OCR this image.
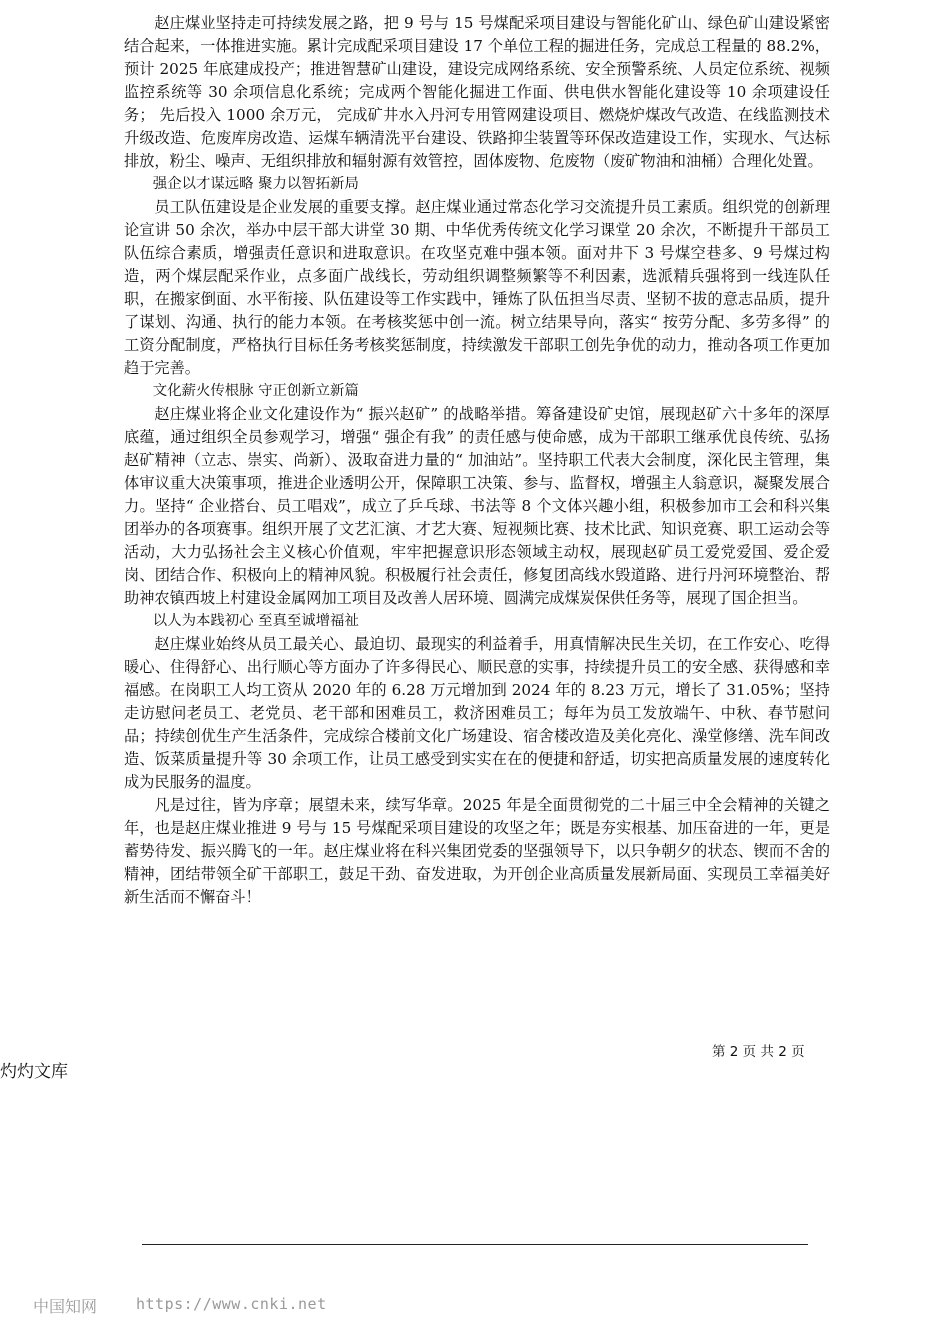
赵庄煤业坚持走可持续发展之路，把 9 号与 15 号煤配采项目建设与智能化矿山、绿色矿山建设紧密结合起来，一体推进实施。累计完成配采项目建设 17 个单位工程的掘进任务，完成总工程量的 88.2%，预计 2025 年底建成投产；推进智慧矿山建设，建设完成网络系统、安全预警系统、人员定位系统、视频监控系统等 30 余项信息化系统；完成两个智能化掘进工作面、供电供水智能化建设等 10 余项建设任务； 先后投入 1000 余万元， 完成矿井水入丹河专用管网建设项目、燃烧炉煤改气改造、在线监测技术升级改造、危废库房改造、运煤车辆清洗平台建设、铁路抑尘装置等环保改造建设工作，实现水、气达标排放，粉尘、噪声、无组织排放和辐射源有效管控，固体废物、危废物（废矿物油和油桶）合理化处置。

强企以才谋远略 聚力以智拓新局

员工队伍建设是企业发展的重要支撑。赵庄煤业通过常态化学习交流提升员工素质。组织党的创新理论宣讲 50 余次，举办中层干部大讲堂 30 期、中华优秀传统文化学习课堂 20 余次，不断提升干部员工队伍综合素质，增强责任意识和进取意识。在攻坚克难中强本领。面对井下 3 号煤空巷多、9 号煤过构造，两个煤层配采作业，点多面广战线长，劳动组织调整频繁等不利因素，选派精兵强将到一线连队任职，在搬家倒面、水平衔接、队伍建设等工作实践中，锤炼了队伍担当尽责、坚韧不拔的意志品质，提升了谋划、沟通、执行的能力本领。在考核奖惩中创一流。树立结果导向，落实“ 按劳分配、多劳多得” 的工资分配制度，严格执行目标任务考核奖惩制度，持续激发干部职工创先争优的动力，推动各项工作更加趋于完善。

文化薪火传根脉 守正创新立新篇

赵庄煤业将企业文化建设作为“ 振兴赵矿” 的战略举措。筹备建设矿史馆，展现赵矿六十多年的深厚底蕴，通过组织全员参观学习，增强“ 强企有我” 的责任感与使命感，成为干部职工继承优良传统、弘扬赵矿精神（立志、崇实、尚新）、汲取奋进力量的“ 加油站”。坚持职工代表大会制度，深化民主管理，集体审议重大决策事项，推进企业透明公开，保障职工决策、参与、监督权，增强主人翁意识，凝聚发展合力。坚持“ 企业搭台、员工唱戏”，成立了乒乓球、书法等 8 个文体兴趣小组，积极参加市工会和科兴集团举办的各项赛事。组织开展了文艺汇演、才艺大赛、短视频比赛、技术比武、知识竞赛、职工运动会等活动，大力弘扬社会主义核心价值观，牢牢把握意识形态领域主动权，展现赵矿员工爱党爱国、爱企爱岗、团结合作、积极向上的精神风貌。积极履行社会责任，修复团高线水毁道路、进行丹河环境整治、帮助神农镇西坡上村建设金属网加工项目及改善人居环境、圆满完成煤炭保供任务等，展现了国企担当。

以人为本践初心 至真至诚增福祉

赵庄煤业始终从员工最关心、最迫切、最现实的利益着手，用真情解决民生关切，在工作安心、吃得暖心、住得舒心、出行顺心等方面办了许多得民心、顺民意的实事，持续提升员工的安全感、获得感和幸福感。在岗职工人均工资从 2020 年的 6.28 万元增加到 2024 年的 8.23 万元，增长了 31.05%；坚持走访慰问老员工、老党员、老干部和困难员工，救济困难员工；每年为员工发放端午、中秋、春节慰问品；持续创优生产生活条件，完成综合楼前文化广场建设、宿舍楼改造及美化亮化、澡堂修缮、洗车间改造、饭菜质量提升等 30 余项工作，让员工感受到实实在在的便捷和舒适，切实把高质量发展的速度转化成为民服务的温度。

凡是过往，皆为序章；展望未来，续写华章。2025 年是全面贯彻党的二十届三中全会精神的关键之年，也是赵庄煤业推进 9 号与 15 号煤配采项目建设的攻坚之年；既是夯实根基、加压奋进的一年，更是蓄势待发、振兴腾飞的一年。赵庄煤业将在科兴集团党委的坚强领导下，以只争朝夕的状态、锲而不舍的精神，团结带领全矿干部职工，鼓足干劲、奋发进取，为开创企业高质量发展新局面、实现员工幸福美好新生活而不懈奋斗！

第 2 页 共 2 页
灼灼文库
中国知网	https://www.cnki.net
